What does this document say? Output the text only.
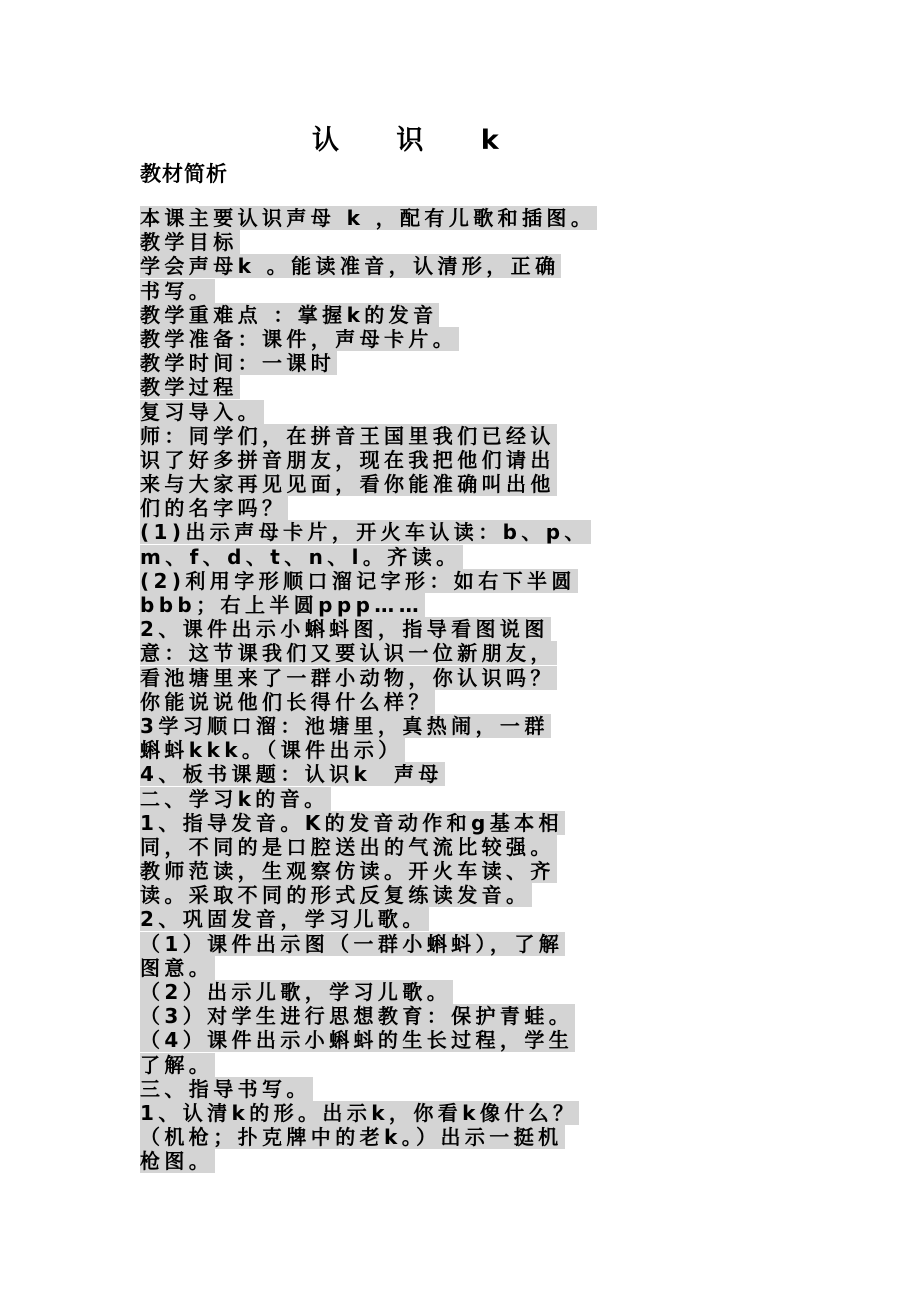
认 识 k
教材简析
本课主要认识声母 k ，配有儿歌和插图。
教学目标
学会声母k 。能读准音，认清形，正确
书写。
教学重难点 ：掌握k的发音
教学准备：课件，声母卡片。
教学时间：一课时
教学过程
复习导入。
师：同学们，在拼音王国里我们已经认
识了好多拼音朋友，现在我把他们请出
来与大家再见见面，看你能准确叫出他
们的名字吗？
(1)出示声母卡片，开火车认读：b、p、
m、f、d、t、n、l。齐读。
(2)利用字形顺口溜记字形：如右下半圆
bbb；右上半圆ppp……
2、课件出示小蝌蚪图，指导看图说图
意：这节课我们又要认识一位新朋友，
看池塘里来了一群小动物，你认识吗？
你能说说他们长得什么样？
3学习顺口溜：池塘里，真热闹，一群
蝌蚪kkk。（课件出示）
4、板书课题：认识k  声母
二、学习k的音。
1、指导发音。K的发音动作和g基本相
同，不同的是口腔送出的气流比较强。
教师范读，生观察仿读。开火车读、齐
读。采取不同的形式反复练读发音。
2、巩固发音，学习儿歌。
（1）课件出示图（一群小蝌蚪），了解
图意。
（2）出示儿歌，学习儿歌。
（3）对学生进行思想教育：保护青蛙。
（4）课件出示小蝌蚪的生长过程，学生
了解。
三、指导书写。
1、认清k的形。出示k，你看k像什么？
（机枪；扑克牌中的老k。）出示一挺机
枪图。
